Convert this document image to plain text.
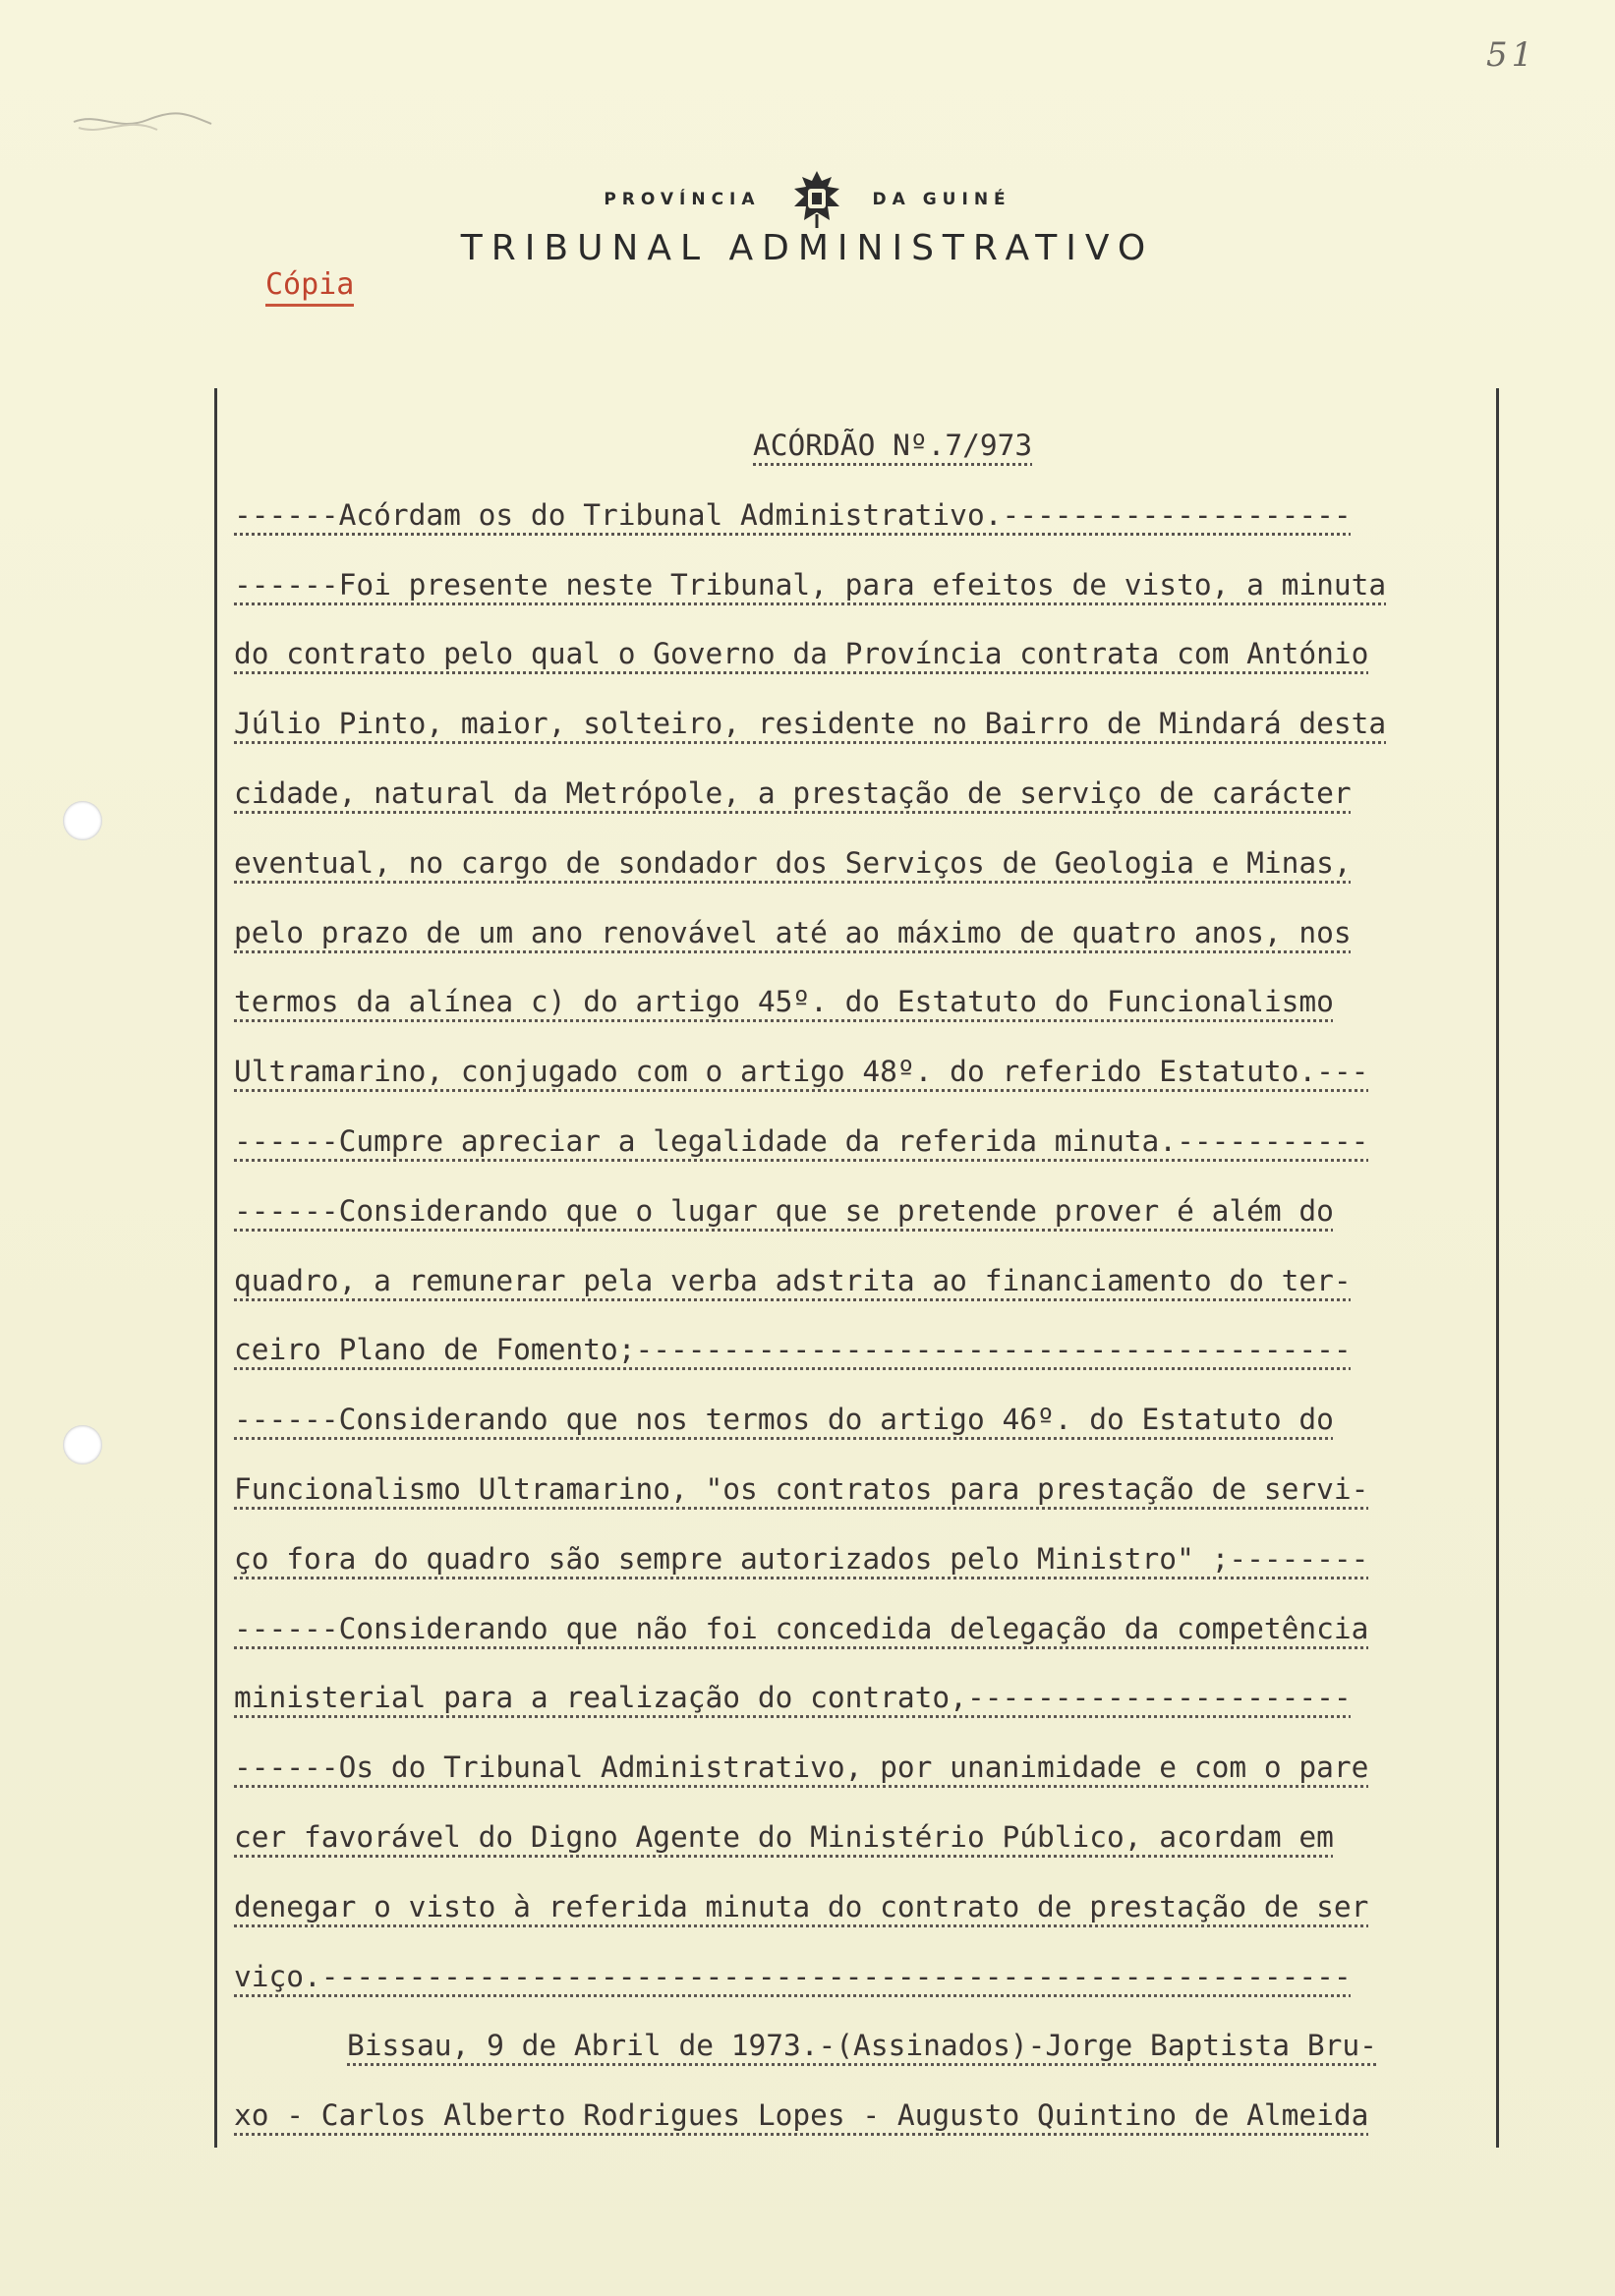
51
PROVÍNCIA	DA GUINÉ
TRIBUNAL ADMINISTRATIVO
Cópia
ACÓRDÃO Nº.7/973
------Acórdam os do Tribunal Administrativo.--------------------
------Foi presente neste Tribunal, para efeitos de visto, a minuta
do contrato pelo qual o Governo da Província contrata com António
Júlio Pinto, maior, solteiro, residente no Bairro de Mindará desta
cidade, natural da Metrópole, a prestação de serviço de carácter
eventual, no cargo de sondador dos Serviços de Geologia e Minas,
pelo prazo de um ano renovável até ao máximo de quatro anos, nos
termos da alínea c) do artigo 45º. do Estatuto do Funcionalismo
Ultramarino, conjugado com o artigo 48º. do referido Estatuto.---
------Cumpre apreciar a legalidade da referida minuta.-----------
------Considerando que o lugar que se pretende prover é além do
quadro, a remunerar pela verba adstrita ao financiamento do ter-
ceiro Plano de Fomento;-----------------------------------------
------Considerando que nos termos do artigo 46º. do Estatuto do
Funcionalismo Ultramarino, "os contratos para prestação de servi-
ço fora do quadro são sempre autorizados pelo Ministro" ;--------
------Considerando que não foi concedida delegação da competência
ministerial para a realização do contrato,----------------------
------Os do Tribunal Administrativo, por unanimidade e com o pare
cer favorável do Digno Agente do Ministério Público, acordam em
denegar o visto à referida minuta do contrato de prestação de ser
viço.-----------------------------------------------------------
Bissau, 9 de Abril de 1973.-(Assinados)-Jorge Baptista Bru-
xo - Carlos Alberto Rodrigues Lopes - Augusto Quintino de Almeida
